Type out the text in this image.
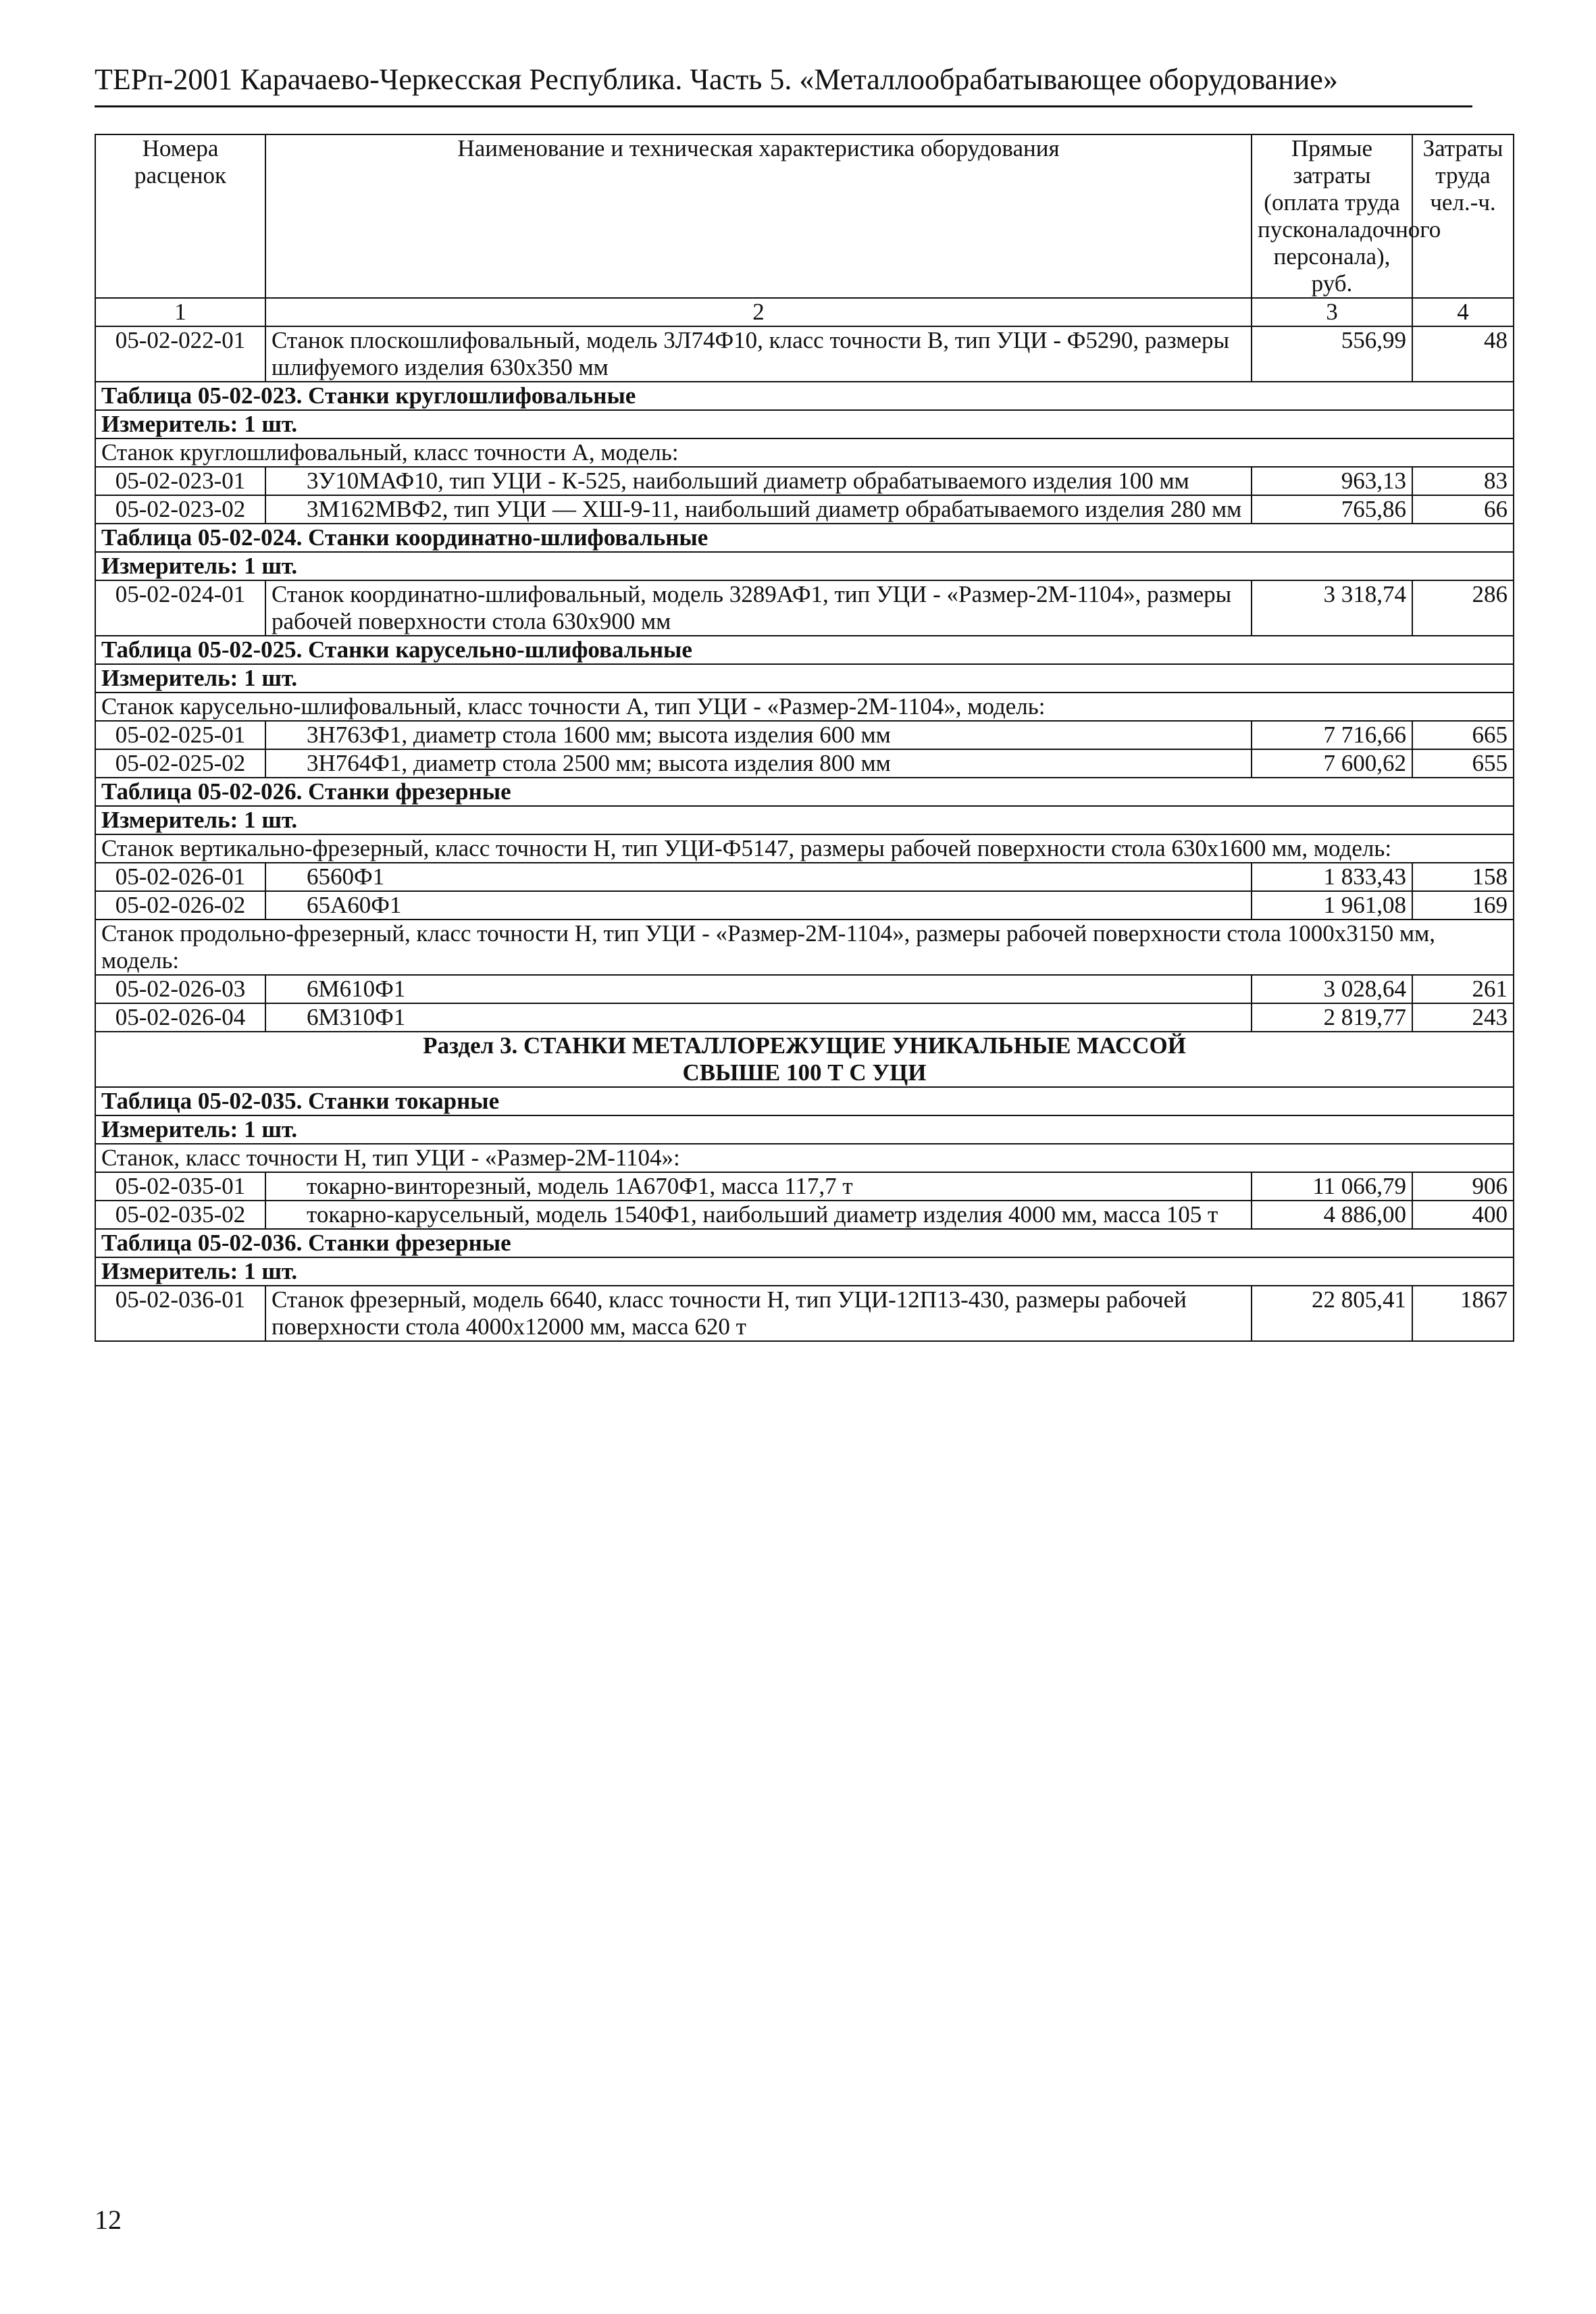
ТЕРп-2001 Карачаево-Черкесская Республика. Часть 5. «Металлообрабатывающее оборудование»
Номера расценок	Наименование и техническая характеристика оборудования	Прямые затраты (оплата труда пусконаладочного персонала), руб.	Затраты труда чел.-ч.
1	2	3	4
05-02-022-01	Станок плоскошлифовальный, модель 3Л74Ф10, класс точности В, тип УЦИ - Ф5290, размеры шлифуемого изделия 630х350 мм	556,99	48
Таблица 05-02-023. Станки круглошлифовальные			
Измеритель: 1 шт.			
Станок круглошлифовальный, класс точности А, модель:			
05-02-023-01	3У10МАФ10, тип УЦИ - К-525, наибольший диаметр обрабатываемого изделия 100 мм	963,13	83
05-02-023-02	3М162МВФ2, тип УЦИ — ХШ-9-11, наибольший диаметр обрабатываемого изделия 280 мм	765,86	66
Таблица 05-02-024. Станки координатно-шлифовальные			
Измеритель: 1 шт.			
05-02-024-01	Станок координатно-шлифовальный, модель 3289АФ1, тип УЦИ - «Размер-2М-1104», размеры рабочей поверхности стола 630х900 мм	3 318,74	286
Таблица 05-02-025. Станки карусельно-шлифовальные			
Измеритель: 1 шт.			
Станок карусельно-шлифовальный, класс точности А, тип УЦИ - «Размер-2М-1104», модель:			
05-02-025-01	3Н763Ф1, диаметр стола 1600 мм; высота изделия 600 мм	7 716,66	665
05-02-025-02	3Н764Ф1, диаметр стола 2500 мм; высота изделия 800 мм	7 600,62	655
Таблица 05-02-026. Станки фрезерные			
Измеритель: 1 шт.			
Станок вертикально-фрезерный, класс точности Н, тип УЦИ-Ф5147, размеры рабочей поверхности стола 630х1600 мм, модель:			
05-02-026-01	6560Ф1	1 833,43	158
05-02-026-02	65А60Ф1	1 961,08	169
Станок продольно-фрезерный, класс точности Н, тип УЦИ - «Размер-2М-1104», размеры рабочей поверхности стола 1000х3150 мм, модель:			
05-02-026-03	6М610Ф1	3 028,64	261
05-02-026-04	6М310Ф1	2 819,77	243

Раздел 3. СТАНКИ МЕТАЛЛОРЕЖУЩИЕ УНИКАЛЬНЫЕ МАССОЙ
СВЫШЕ 100 Т С УЦИ			

Таблица 05-02-035. Станки токарные			
Измеритель: 1 шт.			
Станок, класс точности Н, тип УЦИ - «Размер-2М-1104»:			
05-02-035-01	токарно-винторезный, модель 1А670Ф1, масса 117,7 т	11 066,79	906
05-02-035-02	токарно-карусельный, модель 1540Ф1, наибольший диаметр изделия 4000 мм, масса 105 т	4 886,00	400
Таблица 05-02-036. Станки фрезерные			
Измеритель: 1 шт.			
05-02-036-01	Станок фрезерный, модель 6640, класс точности Н, тип УЦИ-12П13-430, размеры рабочей поверхности стола 4000х12000 мм, масса 620 т	22 805,41	1867
12
